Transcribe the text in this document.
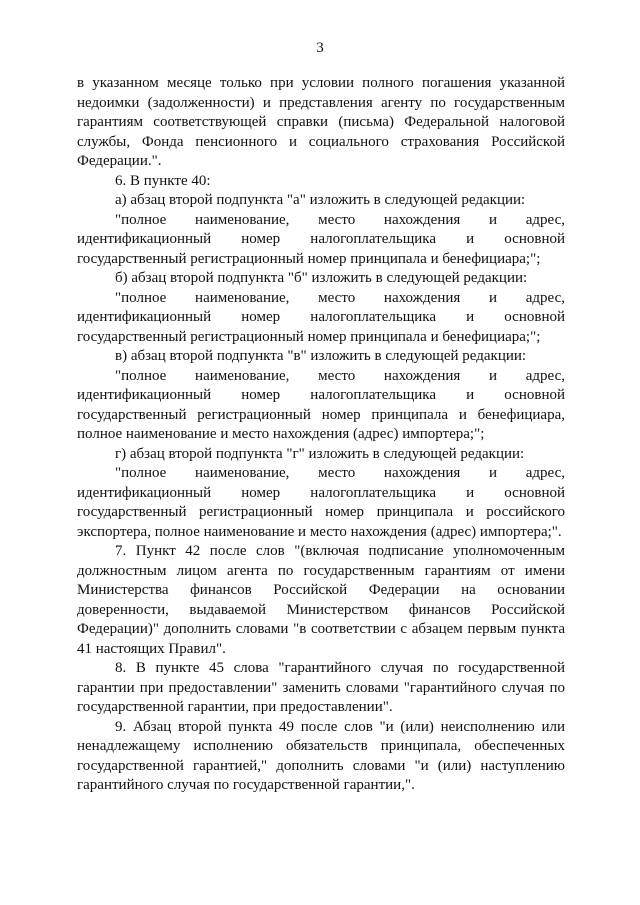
3

в указанном месяце только при условии полного погашения указанной недоимки (задолженности) и представления агенту по государственным гарантиям соответствующей справки (письма) Федеральной налоговой службы, Фонда пенсионного и социального страхования Российской Федерации.".

6. В пункте 40:

а) абзац второй подпункта "а" изложить в следующей редакции:

"полное наименование, место нахождения и адрес, идентификационный номер налогоплательщика и основной государственный регистрационный номер принципала и бенефициара;";

б) абзац второй подпункта "б" изложить в следующей редакции:

"полное наименование, место нахождения и адрес, идентификационный номер налогоплательщика и основной государственный регистрационный номер принципала и бенефициара;";

в) абзац второй подпункта "в" изложить в следующей редакции:

"полное наименование, место нахождения и адрес, идентификационный номер налогоплательщика и основной государственный регистрационный номер принципала и бенефициара, полное наименование и место нахождения (адрес) импортера;";

г) абзац второй подпункта "г" изложить в следующей редакции:

"полное наименование, место нахождения и адрес, идентификационный номер налогоплательщика и основной государственный регистрационный номер принципала и российского экспортера, полное наименование и место нахождения (адрес) импортера;".

7. Пункт 42 после слов "(включая подписание уполномоченным должностным лицом агента по государственным гарантиям от имени Министерства финансов Российской Федерации на основании доверенности, выдаваемой Министерством финансов Российской Федерации)" дополнить словами "в соответствии с абзацем первым пункта 41 настоящих Правил".

8. В пункте 45 слова "гарантийного случая по государственной гарантии при предоставлении" заменить словами "гарантийного случая по государственной гарантии, при предоставлении".

9. Абзац второй пункта 49 после слов "и (или) неисполнению или ненадлежащему исполнению обязательств принципала, обеспеченных государственной гарантией," дополнить словами "и (или) наступлению гарантийного случая по государственной гарантии,".
